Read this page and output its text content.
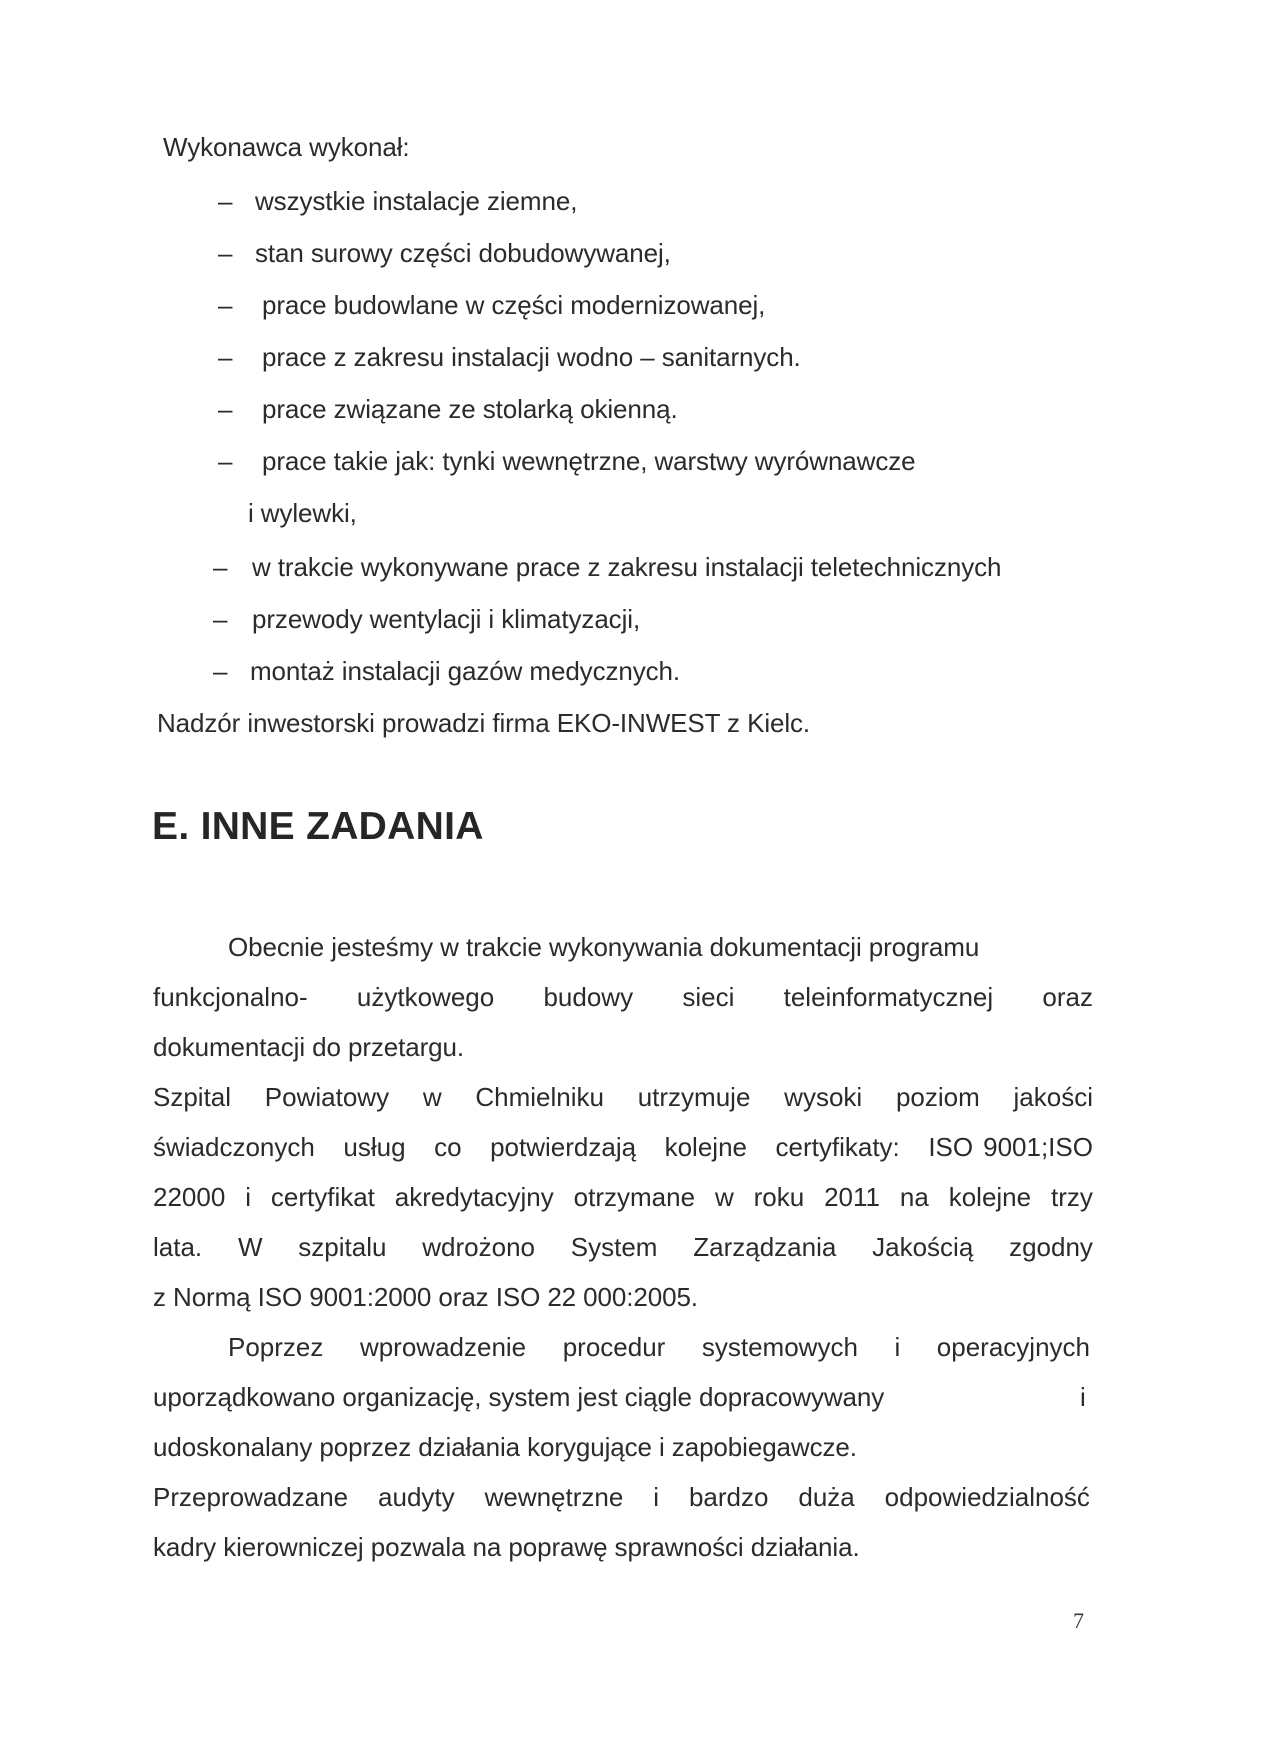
Wykonawca wykonał:
– wszystkie instalacje ziemne,
– stan surowy części dobudowywanej,
– prace budowlane w części modernizowanej,
– prace z zakresu instalacji wodno – sanitarnych.
– prace związane ze stolarką okienną.
– prace takie jak: tynki wewnętrzne, warstwy wyrównawcze
i wylewki,
– w trakcie wykonywane prace z zakresu instalacji teletechnicznych
– przewody wentylacji i klimatyzacji,
– montaż instalacji gazów medycznych.
Nadzór inwestorski prowadzi firma EKO-INWEST z Kielc.
E. INNE ZADANIA
Obecnie jesteśmy w trakcie wykonywania dokumentacji programu
funkcjonalno- użytkowego budowy sieci teleinformatycznej oraz
dokumentacji do przetargu.
Szpital Powiatowy w Chmielniku utrzymuje wysoki poziom jakości
świadczonych usług co potwierdzają kolejne certyfikaty: ISO 9001;ISO
22000 i certyfikat akredytacyjny otrzymane w roku 2011 na kolejne trzy
lata. W szpitalu wdrożono System Zarządzania Jakością zgodny
z Normą ISO 9001:2000 oraz ISO 22 000:2005.
Poprzez wprowadzenie procedur systemowych i operacyjnych
uporządkowano organizację, system jest ciągle dopracowywany	i
udoskonalany poprzez działania korygujące i zapobiegawcze.
Przeprowadzane audyty wewnętrzne i bardzo duża odpowiedzialność
kadry kierowniczej pozwala na poprawę sprawności działania.
7
